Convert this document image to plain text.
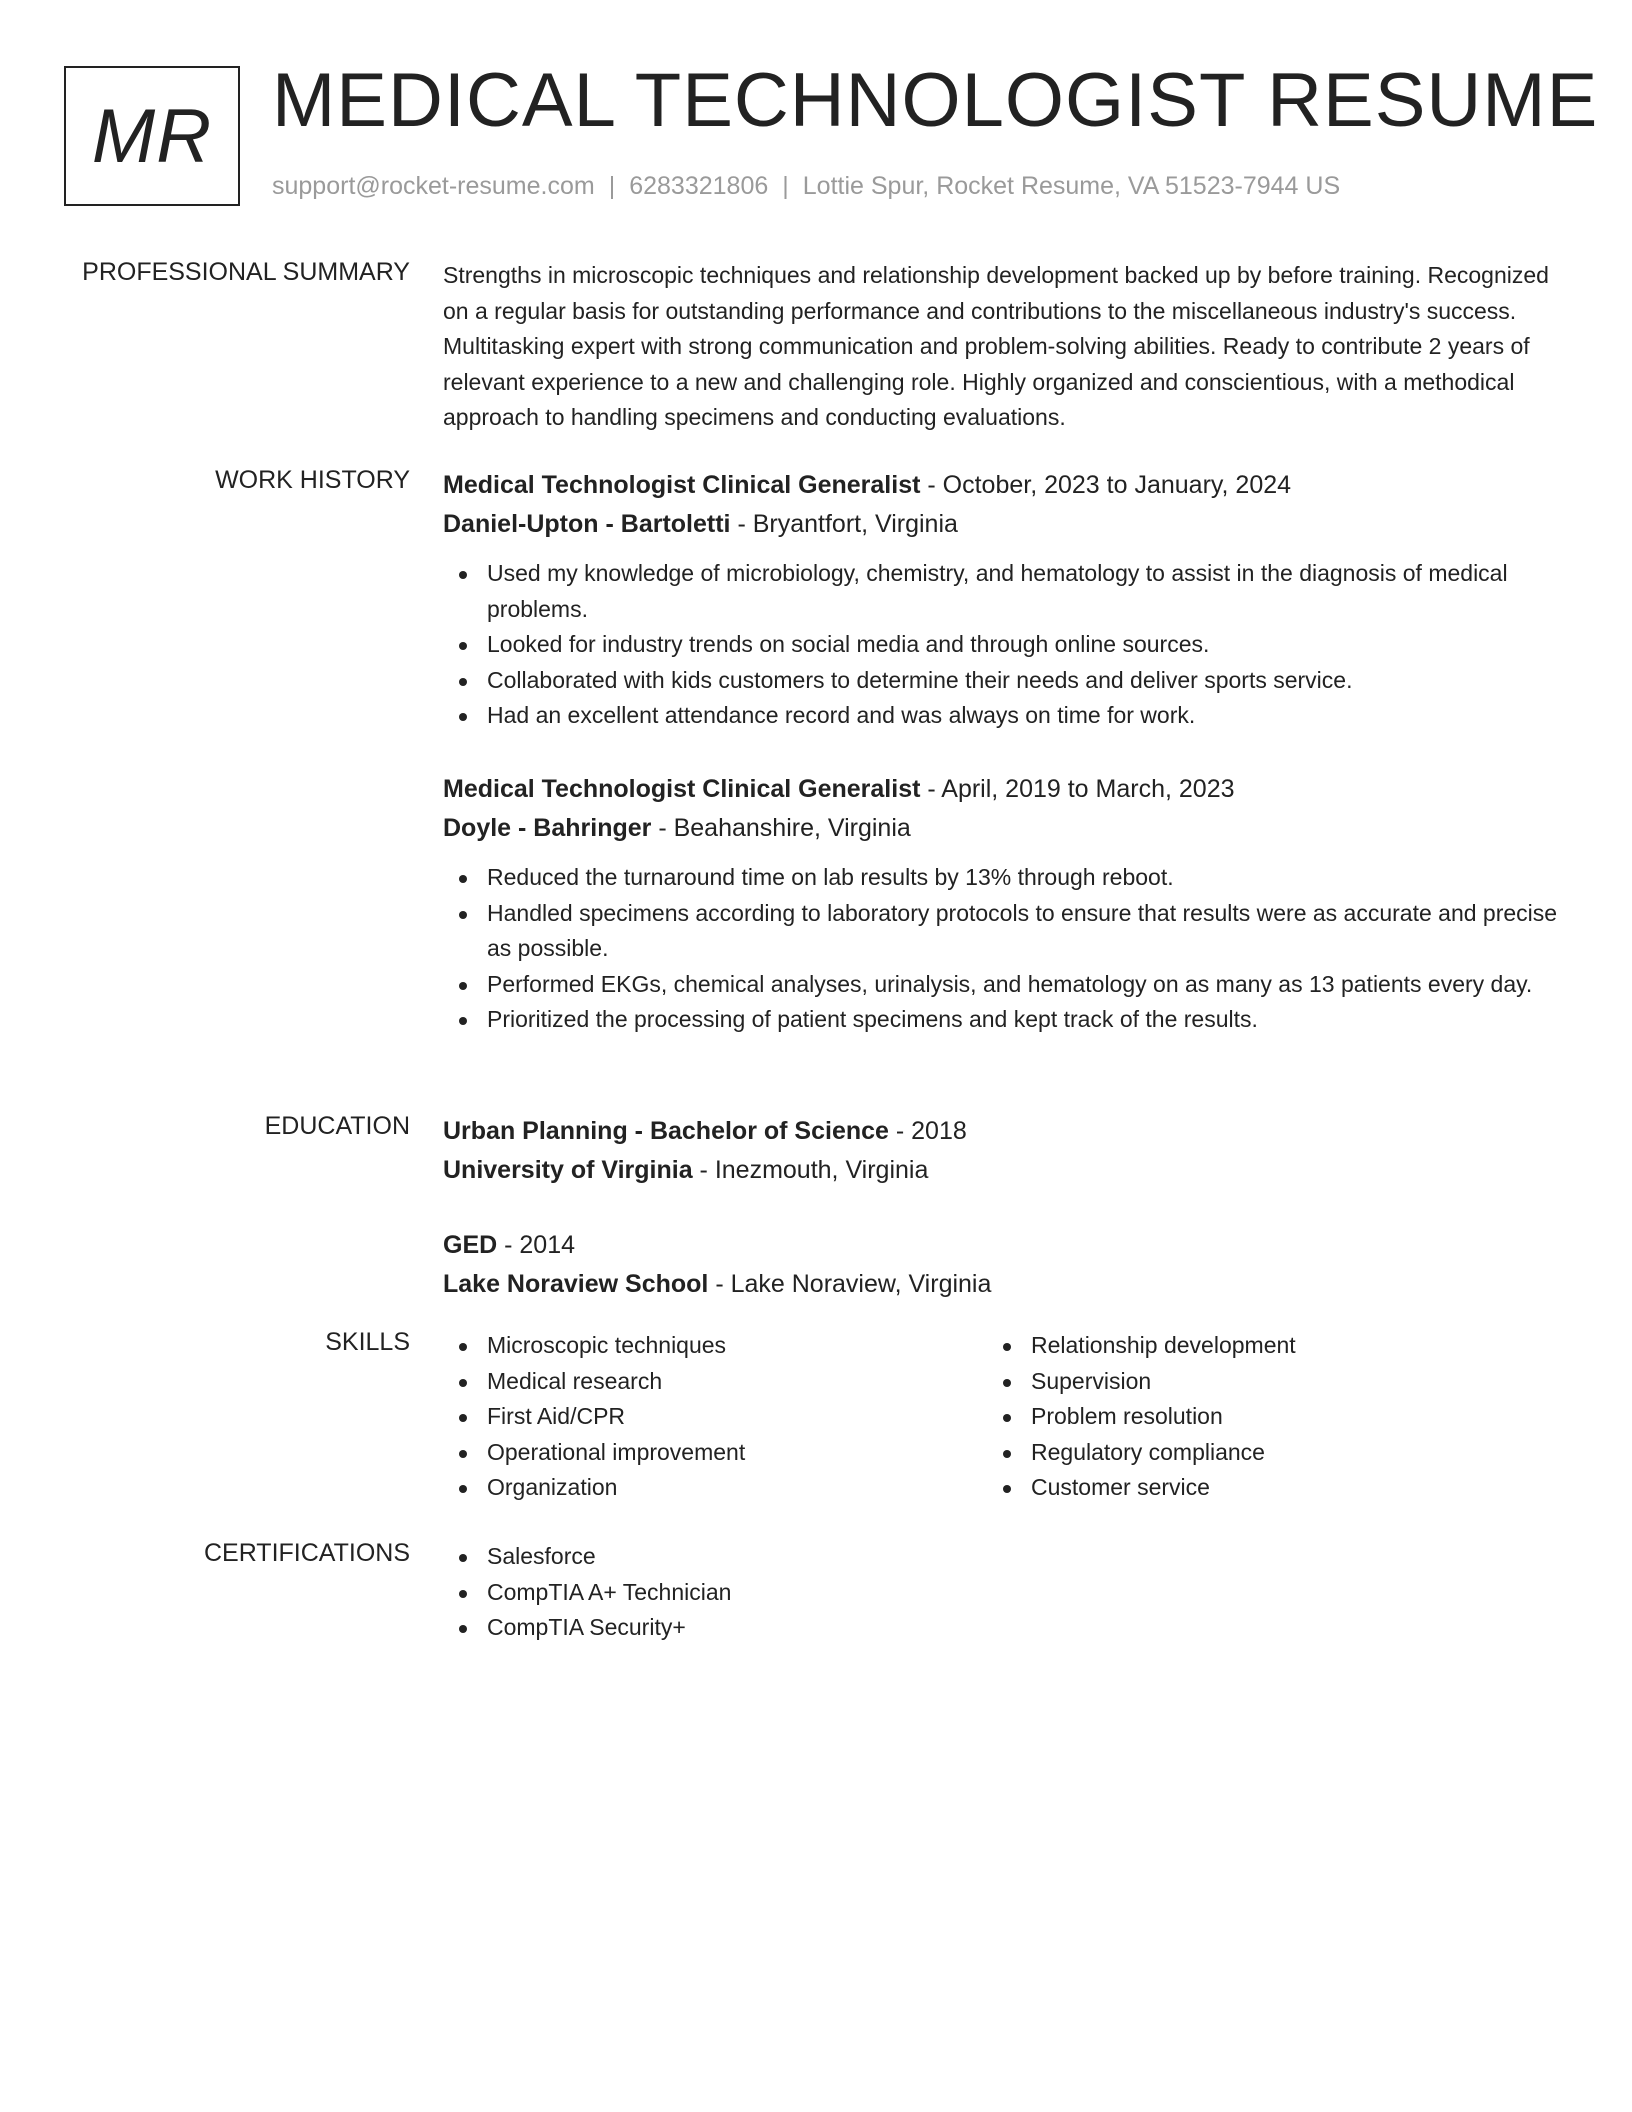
MR MEDICAL TECHNOLOGIST RESUME
support@rocket-resume.com | 6283321806 | Lottie Spur, Rocket Resume, VA 51523-7944 US
PROFESSIONAL SUMMARY Strengths in microscopic techniques and relationship development backed up by before training. Recognized on a regular basis for outstanding performance and contributions to the miscellaneous industry's success. Multitasking expert with strong communication and problem-solving abilities. Ready to contribute 2 years of relevant experience to a new and challenging role. Highly organized and conscientious, with a methodical approach to handling specimens and conducting evaluations.

WORK HISTORY Medical Technologist Clinical Generalist - October, 2023 to January, 2024

Daniel-Upton - Bartoletti - Bryantfort, Virginia

Used my knowledge of microbiology, chemistry, and hematology to assist in the diagnosis of medical problems.
Looked for industry trends on social media and through online sources.
Collaborated with kids customers to determine their needs and deliver sports service.
Had an excellent attendance record and was always on time for work.

Medical Technologist Clinical Generalist - April, 2019 to March, 2023

Doyle - Bahringer - Beahanshire, Virginia

Reduced the turnaround time on lab results by 13% through reboot.
Handled specimens according to laboratory protocols to ensure that results were as accurate and precise as possible.
Performed EKGs, chemical analyses, urinalysis, and hematology on as many as 13 patients every day.
Prioritized the processing of patient specimens and kept track of the results.
EDUCATION Urban Planning - Bachelor of Science - 2018

University of Virginia - Inezmouth, Virginia

GED - 2014

Lake Noraview School - Lake Noraview, Virginia

SKILLS	Microscopic techniques
Medical research
First Aid/CPR
Operational improvement
Organization
Relationship development
Supervision
Problem resolution
Regulatory compliance
Customer service
CERTIFICATIONS	Salesforce
CompTIA A+ Technician
CompTIA Security+
